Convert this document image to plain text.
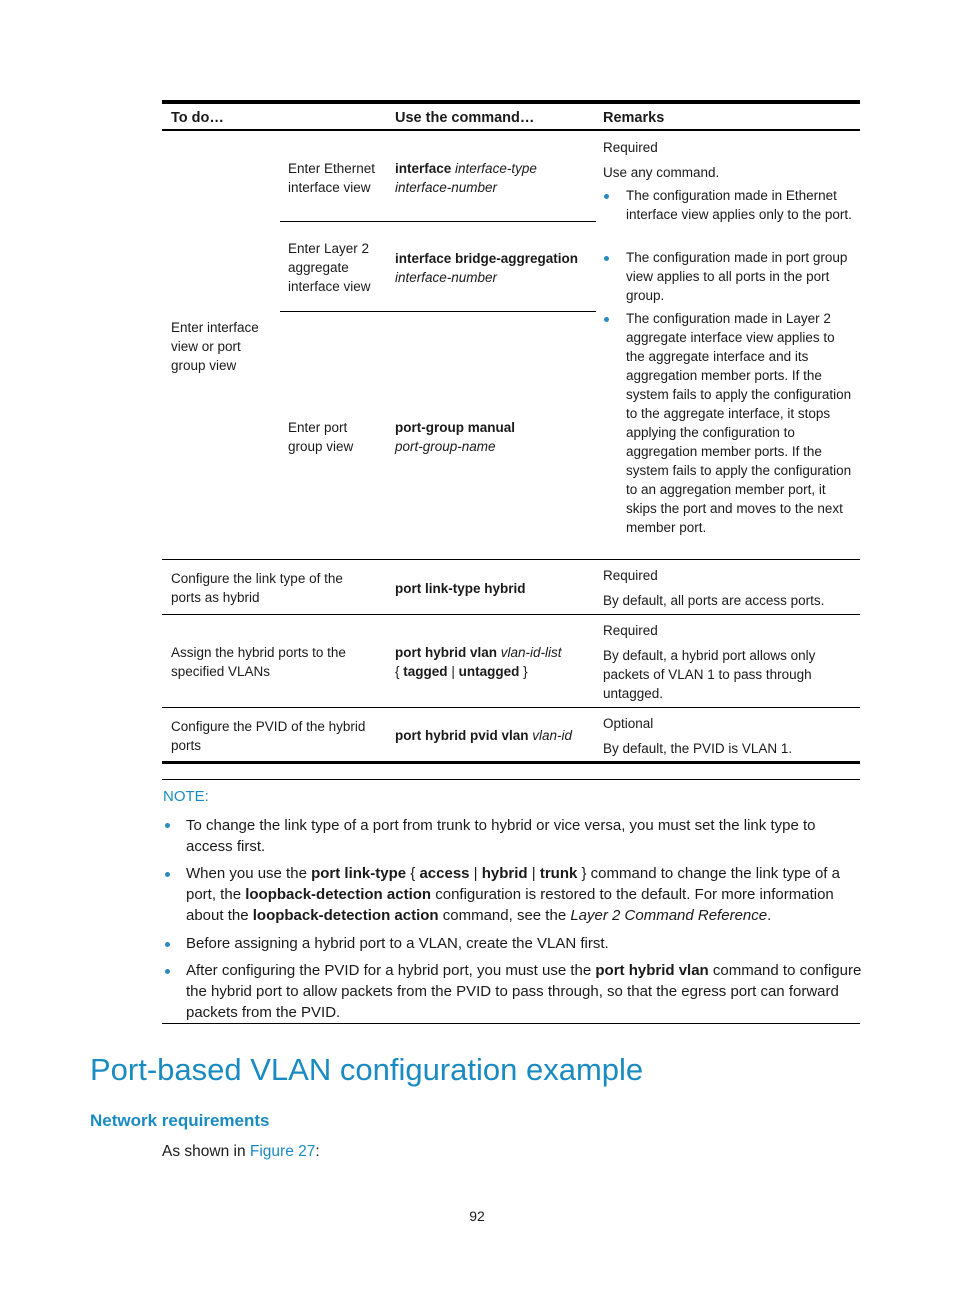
To do…	Use the command…	Remarks
Enter interface view or port group view
Enter Ethernet interface view
interface interface-type interface-number
Enter Layer 2 aggregate interface view
interface bridge-aggregation interface-number
Enter port group view
port-group manual
port-group-name
Required
Use any command.
The configuration made in Ethernet interface view applies only to the port.
The configuration made in port group view applies to all ports in the port group.
The configuration made in Layer 2 aggregate interface view applies to the aggregate interface and its aggregation member ports. If the system fails to apply the configuration to the aggregate interface, it stops applying the configuration to aggregation member ports. If the system fails to apply the configuration to an aggregation member port, it skips the port and moves to the next member port.
Configure the link type of the ports as hybrid
port link-type hybrid
Required
By default, all ports are access ports.
Assign the hybrid ports to the specified VLANs
port hybrid vlan vlan-id-list
{ tagged | untagged }
Required
By default, a hybrid port allows only packets of VLAN 1 to pass through untagged.
Configure the PVID of the hybrid ports
port hybrid pvid vlan vlan-id
Optional
By default, the PVID is VLAN 1.
NOTE:
To change the link type of a port from trunk to hybrid or vice versa, you must set the link type to access first.
When you use the port link-type { access | hybrid | trunk } command to change the link type of a port, the loopback-detection action configuration is restored to the default. For more information about the loopback-detection action command, see the Layer 2 Command Reference.
Before assigning a hybrid port to a VLAN, create the VLAN first.
After configuring the PVID for a hybrid port, you must use the port hybrid vlan command to configure the hybrid port to allow packets from the PVID to pass through, so that the egress port can forward packets from the PVID.
Port-based VLAN configuration example
Network requirements
As shown in Figure 27:
92
